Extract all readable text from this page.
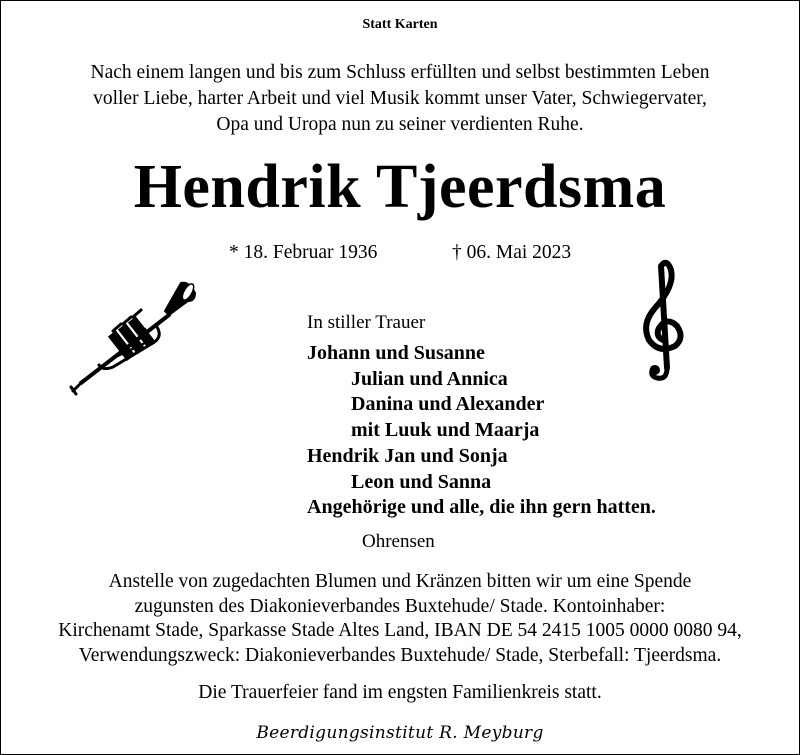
Statt Karten
Nach einem langen und bis zum Schluss erfüllten und selbst bestimmten Leben
voller Liebe, harter Arbeit und viel Musik kommt unser Vater, Schwiegervater,
Opa und Uropa nun zu seiner verdienten Ruhe.
Hendrik Tjeerdsma
* 18. Februar 1936	† 06. Mai 2023
In stiller Trauer
Johann und Susanne
Julian und Annica
Danina und Alexander
mit Luuk und Maarja
Hendrik Jan und Sonja
Leon und Sanna
Angehörige und alle, die ihn gern hatten.
Ohrensen
Anstelle von zugedachten Blumen und Kränzen bitten wir um eine Spende
zugunsten des Diakonieverbandes Buxtehude/ Stade. Kontoinhaber:
Kirchenamt Stade, Sparkasse Stade Altes Land, IBAN DE 54 2415 1005 0000 0080 94,
Verwendungszweck: Diakonieverbandes Buxtehude/ Stade, Sterbefall: Tjeerdsma.
Die Trauerfeier fand im engsten Familienkreis statt.
Beerdigungsinstitut R. Meyburg
